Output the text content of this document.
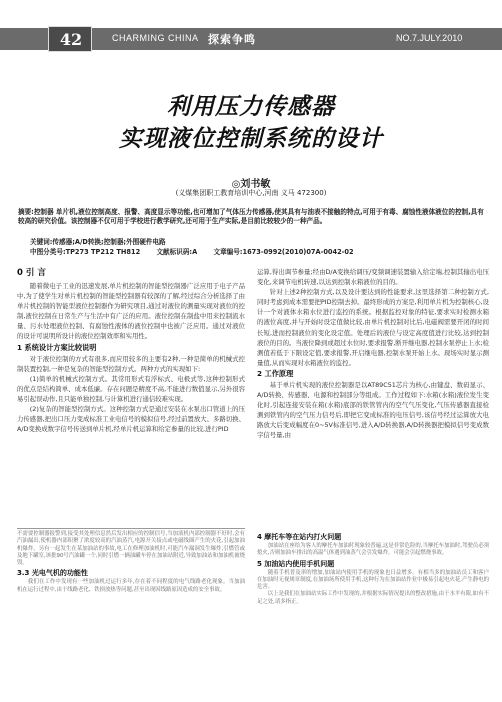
42	CHARMING CHINA 探索争鸣	NO.7.JULY.2010
利用压力传感器
实现液位控制系统的设计
◎刘书敏
(义煤集团职工教育培训中心,河南 义马 472300)
摘要:控制器 单片机,液位控制高度、报警、高度显示等功能,也可增加了气体压力传感器,使其具有与油表不接触的特点,可用于有毒、腐蚀性液体液位的控制,具有较高的研究价值。该控制器不仅可用于学校进行教学研究,还可用于生产实际,是目前比较较少的一种产品。
关键词:传感器;A/D转换;控制器;外围硬件电路
中图分类号:TP273 TP212 TH812 文献标识码:A 文章编号:1673-0992(2010)07A-0042-02
0 引 言

随着微电子工业的迅速发展,单片机控制的智能型控制器广泛应用于电子产品中,为了使学生对单片机控制的智能型控制器有较深的了解,经过综合分析选择了由单片机控制的智能型液位控制器作为研究项目,通过对液位的测量实现对液位的控制,液位控制在日常生产与生活中有广泛的应用。液位控制在制盐中用来控制流水量、污水处理液位控制、有腐蚀性液体的液位控制中也被广泛应用。通过对液位的设计可说明所设计的液位控制效率和实用性。

1 系统设计方案比较说明

对于液位控制的方式有很多,而应用较多的主要有2种,一种是简单的机械式控制装置控制,一种是复杂的智能型控制方式。两种方式的实现如下:

(1)简单的机械式控制方式。其常用形式有浮标式、电极式等,这种控制形式的优点是结构简单、成本低廉。存在问题是精度不高,不能进行数值显示,另外很容易引起误动作,且只能单独控制,与计算机进行通信较难实现。

(2)复杂的智能型控制方式。这种控制方式是通过安装在水泵出口管道上的压力传感器,把出口压力变成标准工业电信号的模拟信号,经过前置放大、多路切换、A/D变换成数字信号传送到单片机,经单片机运算和给定参量的比较,进行PID

运算,得出调节参量;经由D/A变换给调压/变频调速装置输入给定端,控制其输出电压变化,来调节电机转速,以达到控制水箱液位的目的。

针对上述2种控制方式,以及设计要达到的性能要求,这里选择第二种控制方式,同时考虑到成本需要把PID控制去掉。最终形成的方案是,利用单片机为控制核心,设计一个对液体水箱水位进行监控的系统。根据监控对象的特征,要求实时检测水箱的液位高度,并与开始时设定值做比较,由单片机控制对比后,电磁阀需要开闭的时间长短,进而控制液位的变化设定值。处理后的液位与设定高度值进行比较,达到控制液位的目的。当液位降到或超过水位时,要求报警,断开继电器,控制水泵停止上水;检测值若低于下限设定值,要求报警,开启继电器,控制水泵开始上水。现场实时显示测量值,从而实现对水箱液位的监控。

2 工作原理

基于单片机实现的液位控制器是以AT89C51芯片为核心,由键盘、数码显示、A/D转换、传感器、电源和控制部分等组成。工作过程如下:水箱(水箱)液位发生变化时,引起连接安装在箱(水箱)底部的铁管管内的空气气压变化,气压传感器直接检测到铁管内的空气压力信号后,即把它变成标准的电压信号,该信号经过运算放大电路放大后变成幅度在0~5V标准信号,进入A/D转换器,A/D转换器把模拟信号变成数字信号量,由

不需要控制器报警到,接受其处理信息然后发出相应的控制信号,当加液机内部控制器不好时,会有汽油漏出,使机器内部积聚了浓度较高的汽油蒸汽,电源开关接点或电磁线圈产生的火花,引起加油机爆炸。另有一起发生在某加油站的事故,电工在修理加油机时,可能汽车漏洞发生爆炸,引燃管或及地下罐室,该批90号汽油罐一个,同时引燃一辆油罐车停在加油站附近,导致加油站和加油机被烧毁。

3.3 光电气机的功能性

我们在工作中发现有一些加油机过运行多年,存在着不同程度的电气线路老化现象。当加油机在运行过程中,由于线路老化、铁损放热等问题,甚至出现因线路原因造成的安全事故。

4 摩托车等在站内打火问题

加油站在座给为客人的摩托车加油时现象较普遍,这是非常危险的,当摩托车加油时,驾驶员必须熄火,否则加油车排出的高温气体遇到油蒸气会引发爆炸。可能会引起燃烧事故。

5 加油站内使用手机问题

随着手机普及率的增加,加油站内使用手机的现象也日益增多。有相当多的加油站员工和客户在加油时无视规章制度,在加油场所使用手机,这种行为在加油站作业中极易引起电火花,产生静电的危害。

以上是我们在加油站实际工作中发现的,并根据实际情况提出的整改措施,由于水平有限,如有不足之处,请多指正。
